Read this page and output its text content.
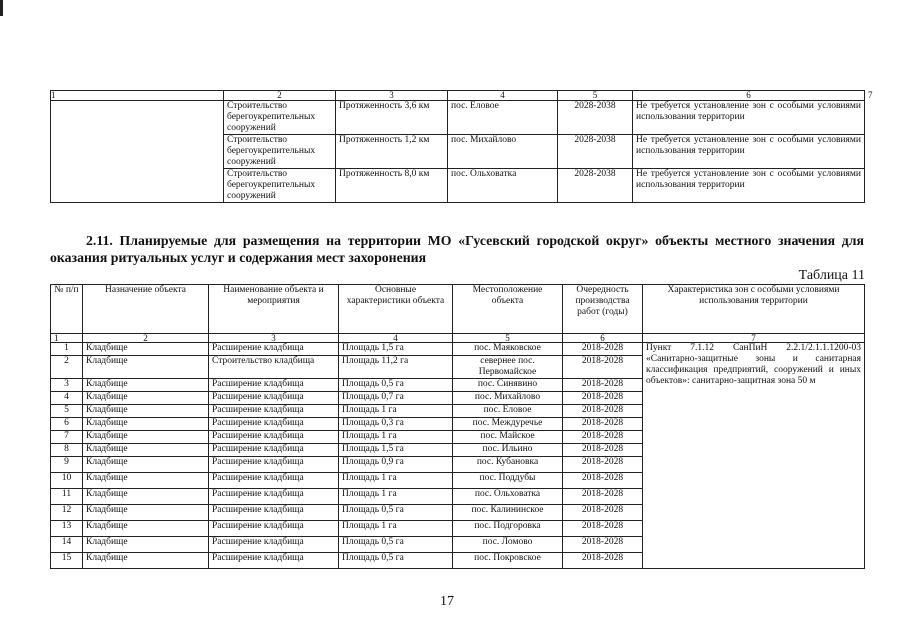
1	2	3	4	5	6	7
	Строительство берегоукрепительных сооружений	Протяженность 3,6 км	пос. Еловое	2028-2038	Не требуется установление зон с особыми условиями использования территории
	Строительство берегоукрепительных сооружений	Протяженность 1,2 км	пос. Михайлово	2028-2038	Не требуется установление зон с особыми условиями использования территории
	Строительство берегоукрепительных сооружений	Протяженность 8,0 км	пос. Ольховатка	2028-2038	Не требуется установление зон с особыми условиями использования территории

2.11. Планируемые для размещения на территории МО «Гусевский городской округ» объекты местного значения для оказания ритуальных услуг и содержания мест захоронения

Таблица 11
№ п/п	Назначение объекта	Наименование объекта и мероприятия	Основные характеристики объекта	Местоположение объекта	Очередность производства работ (годы)	Характеристика зон с особыми условиями использования территории
1	2	3	4	5	6	7
1	Кладбище	Расширение кладбища	Площадь 1,5 га	пос. Маяковское	2018-2028	Пункт 7.1.12 СанПиН 2.2.1/2.1.1.1200-03 «Санитарно-защитные зоны и санитарная классификация предприятий, сооружений и иных объектов»: санитарно-защитная зона 50 м
2	Кладбище	Строительство кладбища	Площадь 11,2 га	севернее пос. Первомайское	2018-2028	
3	Кладбище	Расширение кладбища	Площадь 0,5 га	пос. Синявино	2018-2028	
4	Кладбище	Расширение кладбища	Площадь 0,7 га	пос. Михайлово	2018-2028	
5	Кладбище	Расширение кладбища	Площадь 1 га	пос. Еловое	2018-2028	
6	Кладбище	Расширение кладбища	Площадь 0,3 га	пос. Междуречье	2018-2028	
7	Кладбище	Расширение кладбища	Площадь 1 га	пос. Майское	2018-2028	
8	Кладбище	Расширение кладбища	Площадь 1,5 га	пос. Ильино	2018-2028	
9	Кладбище	Расширение кладбища	Площадь 0,9 га	пос. Кубановка	2018-2028	
10	Кладбище	Расширение кладбища	Площадь 1 га	пос. Поддубы	2018-2028	
11	Кладбище	Расширение кладбища	Площадь 1 га	пос. Ольховатка	2018-2028	
12	Кладбище	Расширение кладбища	Площадь 0,5 га	пос. Калининское	2018-2028	
13	Кладбище	Расширение кладбища	Площадь 1 га	пос. Подгоровка	2018-2028	
14	Кладбище	Расширение кладбища	Площадь 0,5 га	пос. Ломово	2018-2028	
15	Кладбище	Расширение кладбища	Площадь 0,5 га	пос. Покровское	2018-2028	
17
